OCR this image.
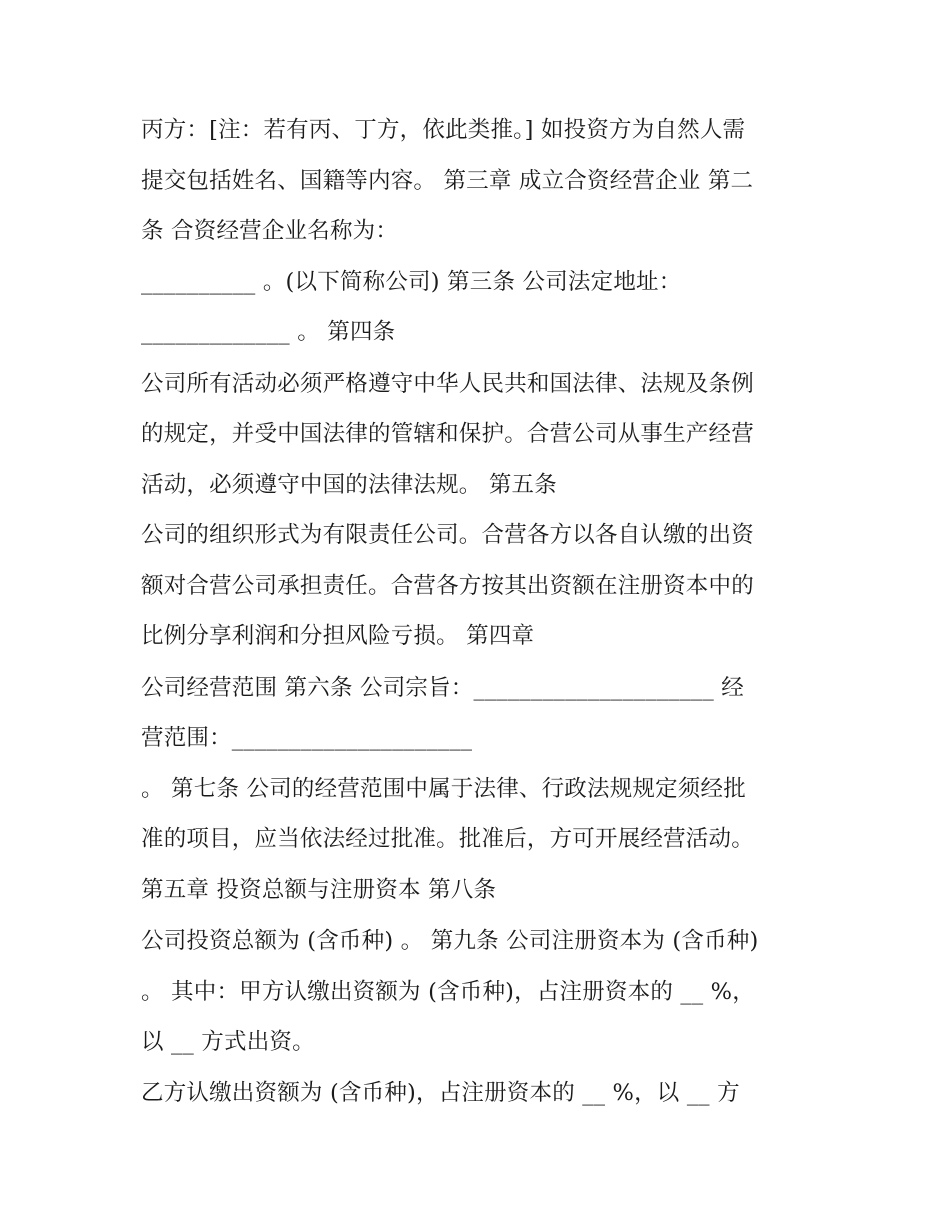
丙方：[注：若有丙、丁方，依此类推。] 如投资方为自然人需
提交包括姓名、国籍等内容。 第三章 成立合资经营企业 第二
条 合资经营企业名称为：
__________ 。(以下简称公司) 第三条 公司法定地址：
_____________ 。 第四条
公司所有活动必须严格遵守中华人民共和国法律、法规及条例
的规定，并受中国法律的管辖和保护。合营公司从事生产经营
活动，必须遵守中国的法律法规。 第五条
公司的组织形式为有限责任公司。合营各方以各自认缴的出资
额对合营公司承担责任。合营各方按其出资额在注册资本中的
比例分享利润和分担风险亏损。 第四章
公司经营范围 第六条 公司宗旨：_____________________ 经
营范围：_____________________
。 第七条 公司的经营范围中属于法律、行政法规规定须经批
准的项目，应当依法经过批准。批准后，方可开展经营活动。
第五章 投资总额与注册资本 第八条
公司投资总额为 (含币种) 。 第九条 公司注册资本为 (含币种)
。 其中：甲方认缴出资额为 (含币种)，占注册资本的 __ %，
以 __ 方式出资。
乙方认缴出资额为 (含币种)，占注册资本的 __ %，以 __ 方
